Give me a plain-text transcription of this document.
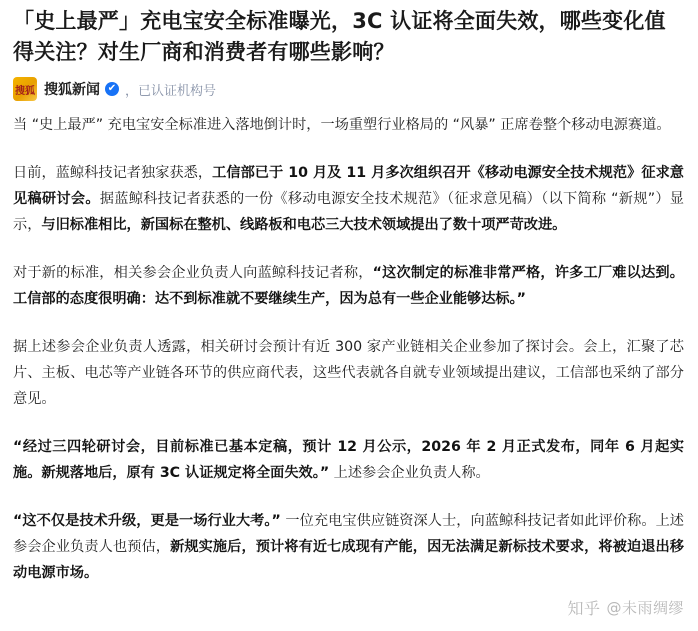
「史上最严」充电宝安全标准曝光，3C 认证将全面失效，哪些变化值得关注？对生厂商和消费者有哪些影响？
搜狐 搜狐新闻 ✔ ，已认证机构号

当 “史上最严” 充电宝安全标准进入落地倒计时，一场重塑行业格局的 “风暴” 正席卷整个移动电源赛道。

日前，蓝鲸科技记者独家获悉，工信部已于 10 月及 11 月多次组织召开《移动电源安全技术规范》征求意见稿研讨会。据蓝鲸科技记者获悉的一份《移动电源安全技术规范》（征求意见稿）（以下简称 “新规”）显示，与旧标准相比，新国标在整机、线路板和电芯三大技术领域提出了数十项严苛改进。

对于新的标准，相关参会企业负责人向蓝鲸科技记者称，“这次制定的标准非常严格，许多工厂难以达到。工信部的态度很明确：达不到标准就不要继续生产，因为总有一些企业能够达标。”

据上述参会企业负责人透露，相关研讨会预计有近 300 家产业链相关企业参加了探讨会。会上，汇聚了芯片、主板、电芯等产业链各环节的供应商代表，这些代表就各自就专业领域提出建议，工信部也采纳了部分意见。

“经过三四轮研讨会，目前标准已基本定稿，预计 12 月公示，2026 年 2 月正式发布，同年 6 月起实施。新规落地后，原有 3C 认证规定将全面失效。” 上述参会企业负责人称。

“这不仅是技术升级，更是一场行业大考。” 一位充电宝供应链资深人士，向蓝鲸科技记者如此评价称。上述参会企业负责人也预估，新规实施后，预计将有近七成现有产能，因无法满足新标技术要求，将被迫退出移动电源市场。

知乎 @未雨绸缪
